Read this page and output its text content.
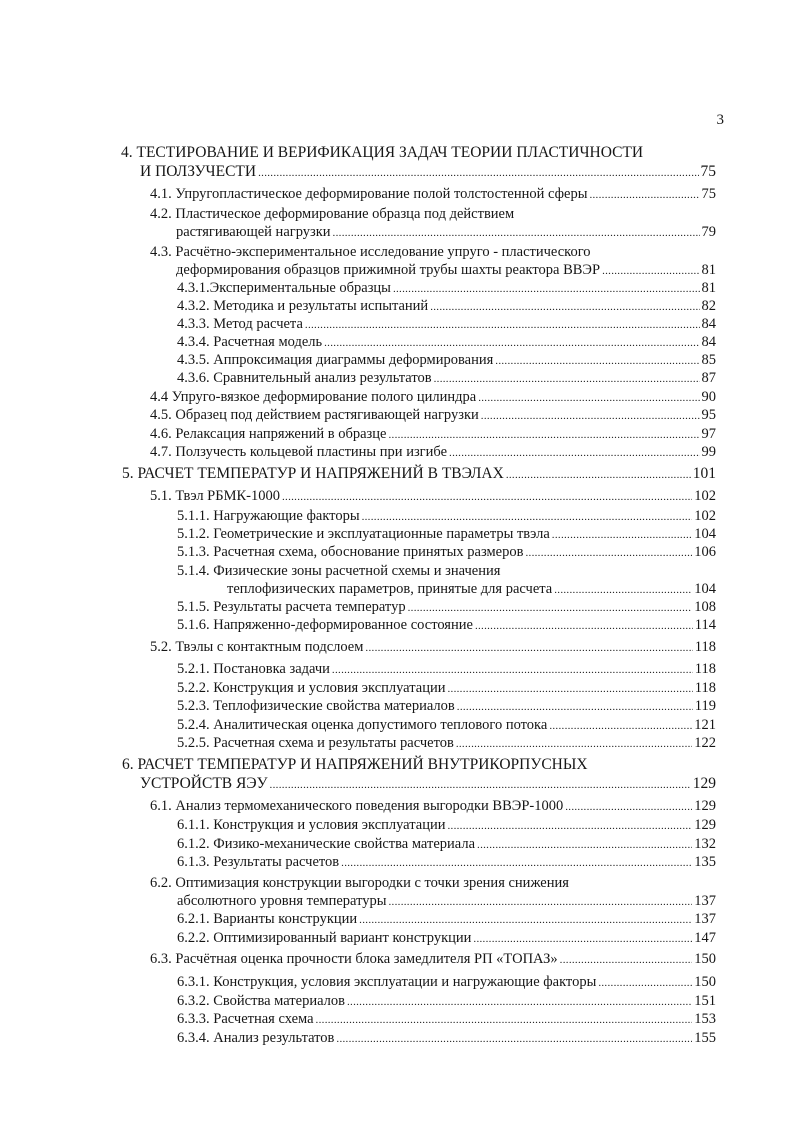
3
4. ТЕСТИРОВАНИЕ И ВЕРИФИКАЦИЯ ЗАДАЧ ТЕОРИИ ПЛАСТИЧНОСТИ
И ПОЛЗУЧЕСТИ .....	75
4.1. Упругопластическое деформирование полой толстостенной сферы .....	75
4.2. Пластическое деформирование образца под действием
растягивающей нагрузки .....	79
4.3. Расчётно-экспериментальное исследование упруго - пластического
деформирования образцов прижимной трубы шахты реактора ВВЭР .....	81
4.3.1.Экспериментальные образцы .....	81
4.3.2. Методика и результаты испытаний .....	82
4.3.3. Метод расчета .....	84
4.3.4. Расчетная модель .....	84
4.3.5. Аппроксимация диаграммы деформирования .....	85
4.3.6. Сравнительный анализ результатов .....	87
4.4 Упруго-вязкое деформирование полого цилиндра .....	90
4.5. Образец под действием растягивающей нагрузки .....	95
4.6. Релаксация напряжений в образце .....	97
4.7. Ползучесть кольцевой пластины при изгибе .....	99
5. РАСЧЕТ ТЕМПЕРАТУР И НАПРЯЖЕНИЙ В ТВЭЛАХ .....	101
5.1. Твэл РБМК-1000 .....	102
5.1.1. Нагружающие факторы .....	102
5.1.2. Геометрические и эксплуатационные параметры твэла .....	104
5.1.3. Расчетная схема, обоснование принятых размеров .....	106
5.1.4. Физические зоны расчетной схемы и значения
теплофизических параметров, принятые для расчета .....	104
5.1.5. Результаты расчета температур .....	108
5.1.6. Напряженно-деформированное состояние .....	114
5.2. Твэлы с контактным подслоем .....	118
5.2.1. Постановка задачи .....	118
5.2.2. Конструкция и условия эксплуатации .....	118
5.2.3. Теплофизические свойства материалов .....	119
5.2.4. Аналитическая оценка допустимого теплового потока .....	121
5.2.5. Расчетная схема и результаты расчетов .....	122
6. РАСЧЕТ ТЕМПЕРАТУР И НАПРЯЖЕНИЙ ВНУТРИКОРПУСНЫХ
УСТРОЙСТВ ЯЭУ .....	129
6.1. Анализ термомеханического поведения выгородки ВВЭР-1000 .....	129
6.1.1. Конструкция и условия эксплуатации .....	129
6.1.2. Физико-механические свойства материала .....	132
6.1.3. Результаты расчетов .....	135
6.2. Оптимизация конструкции выгородки с точки зрения снижения
абсолютного уровня температуры .....	137
6.2.1. Варианты конструкции .....	137
6.2.2. Оптимизированный вариант конструкции .....	147
6.3. Расчётная оценка прочности блока замедлителя РП «ТОПАЗ» .....	150
6.3.1. Конструкция, условия эксплуатации и нагружающие факторы .....	150
6.3.2. Свойства материалов .....	151
6.3.3. Расчетная схема .....	153
6.3.4. Анализ результатов .....	155
